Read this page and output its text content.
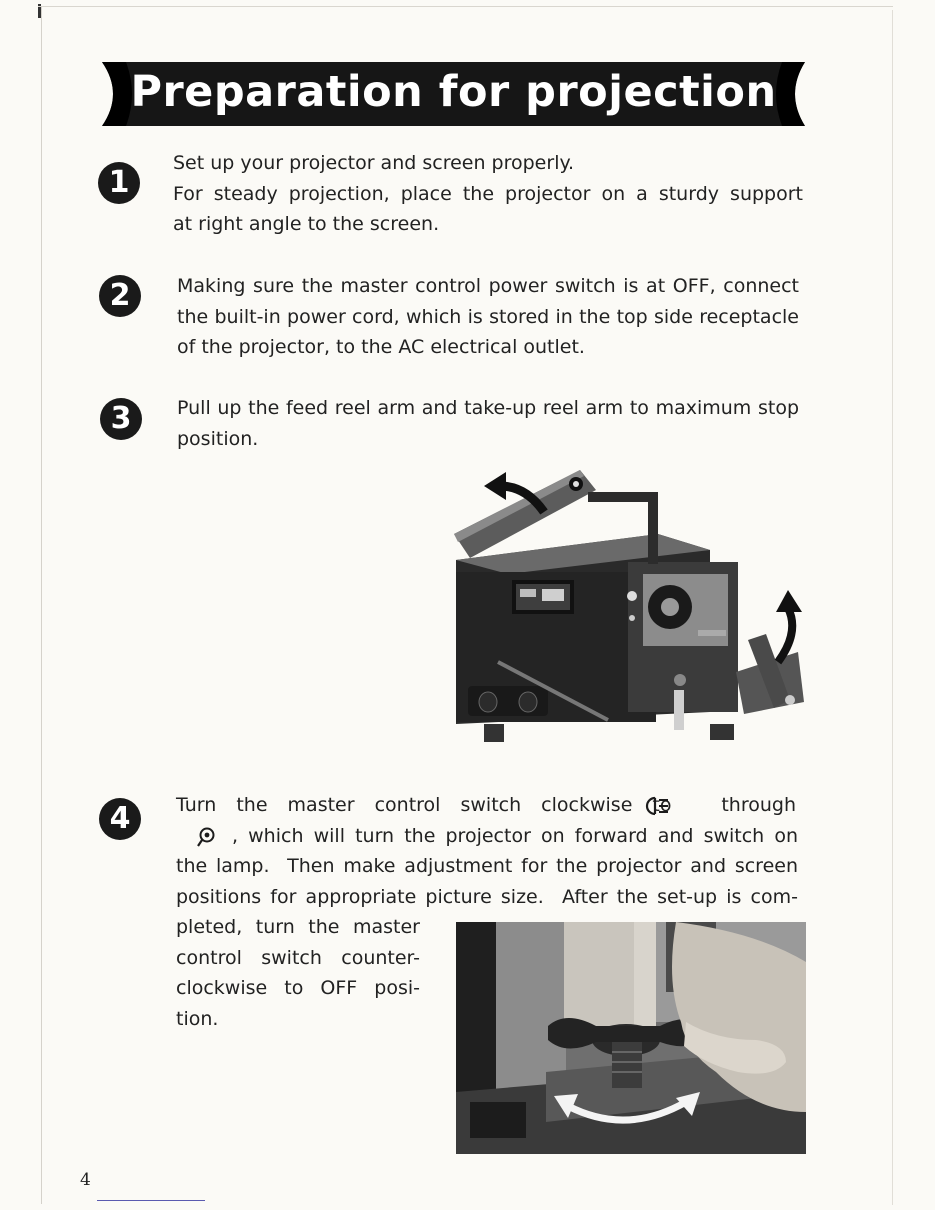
Preparation for projection
1

Set up your projector and screen properly.

For steady projection, place the projector on a sturdy support

at right angle to the screen.

2	Making sure the master control power switch is at OFF, connect

the built-in power cord, which is stored in the top side receptacle

of the projector, to the AC electrical outlet.

3	Pull up the feed reel arm and take-up reel arm to maximum stop

position.

4	Turn the master control switch clockwise to	through

, which will turn the projector on forward and switch on

the lamp.  Then make adjustment for the projector and screen

positions for appropriate picture size.  After the set-up is com-

pleted, turn the master

control switch counter-

clockwise to OFF posi-

tion.

4
